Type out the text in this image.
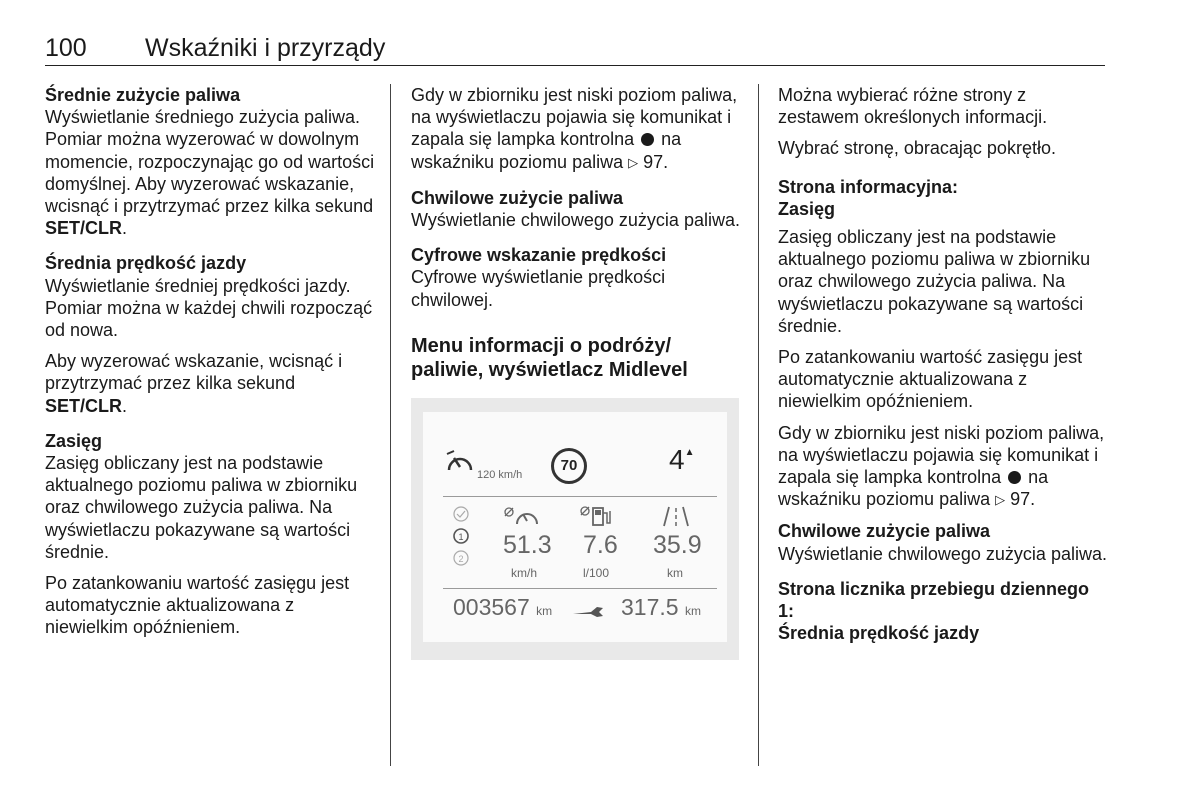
100 Wskaźniki i przyrządy
Średnie zużycie paliwa

Wyświetlanie średniego zużycia paliwa. Pomiar można wyzerować w dowolnym momencie, rozpoczynając go od wartości domyślnej. Aby wyzerować wskazanie, wcisnąć i przytrzymać przez kilka sekund SET/CLR.

Średnia prędkość jazdy

Wyświetlanie średniej prędkości jazdy. Pomiar można w każdej chwili rozpocząć od nowa.

Aby wyzerować wskazanie, wcisnąć i przytrzymać przez kilka sekund SET/CLR.

Zasięg

Zasięg obliczany jest na podstawie aktualnego poziomu paliwa w zbiorniku oraz chwilowego zużycia paliwa. Na wyświetlaczu pokazywane są wartości średnie.

Po zatankowaniu wartość zasięgu jest automatycznie aktualizowana z niewielkim opóźnieniem.

Gdy w zbiorniku jest niski poziom paliwa, na wyświetlaczu pojawia się komunikat i zapala się lampka kontrolna na wskaźniku poziomu paliwa ▷ 97.

Chwilowe zużycie paliwa

Wyświetlanie chwilowego zużycia paliwa.

Cyfrowe wskazanie prędkości

Cyfrowe wyświetlanie prędkości chwilowej.

Menu informacji o podróży/ paliwie, wyświetlacz Midlevel
120 km/h
70	4▲
1
2 51.3
km/h
7.6
l/100
35.9
km
003567 km	317.5 km

Można wybierać różne strony z zestawem określonych informacji.

Wybrać stronę, obracając pokrętło.

Strona informacyjna:
Zasięg

Zasięg obliczany jest na podstawie aktualnego poziomu paliwa w zbiorniku oraz chwilowego zużycia paliwa. Na wyświetlaczu pokazywane są wartości średnie.

Po zatankowaniu wartość zasięgu jest automatycznie aktualizowana z niewielkim opóźnieniem.

Gdy w zbiorniku jest niski poziom paliwa, na wyświetlaczu pojawia się komunikat i zapala się lampka kontrolna na wskaźniku poziomu paliwa ▷ 97.

Chwilowe zużycie paliwa

Wyświetlanie chwilowego zużycia paliwa.

Strona licznika przebiegu dziennego 1:
Średnia prędkość jazdy
